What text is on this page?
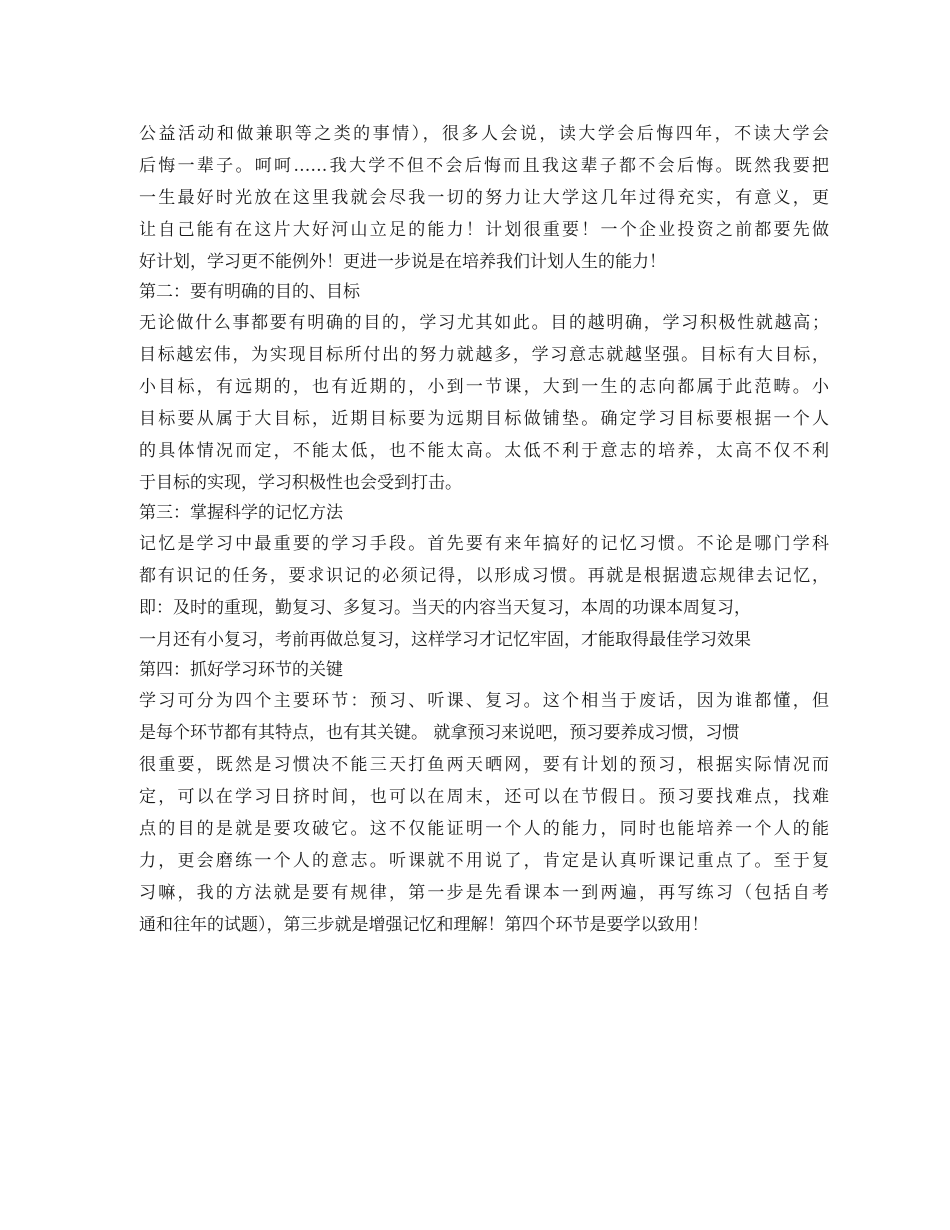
公益活动和做兼职等之类的事情），很多人会说，读大学会后悔四年，不读大学会
后悔一辈子。呵呵……我大学不但不会后悔而且我这辈子都不会后悔。既然我要把
一生最好时光放在这里我就会尽我一切的努力让大学这几年过得充实，有意义，更
让自己能有在这片大好河山立足的能力！计划很重要！一个企业投资之前都要先做
好计划，学习更不能例外！更进一步说是在培养我们计划人生的能力！
第二：要有明确的目的、目标
无论做什么事都要有明确的目的，学习尤其如此。目的越明确，学习积极性就越高；
目标越宏伟，为实现目标所付出的努力就越多，学习意志就越坚强。目标有大目标，
小目标，有远期的，也有近期的，小到一节课，大到一生的志向都属于此范畴。小
目标要从属于大目标，近期目标要为远期目标做铺垫。确定学习目标要根据一个人
的具体情况而定，不能太低，也不能太高。太低不利于意志的培养，太高不仅不利
于目标的实现，学习积极性也会受到打击。
第三：掌握科学的记忆方法
记忆是学习中最重要的学习手段。首先要有来年搞好的记忆习惯。不论是哪门学科
都有识记的任务，要求识记的必须记得，以形成习惯。再就是根据遗忘规律去记忆，
即：及时的重现，勤复习、多复习。当天的内容当天复习，本周的功课本周复习，
一月还有小复习，考前再做总复习，这样学习才记忆牢固，才能取得最佳学习效果
第四：抓好学习环节的关键
学习可分为四个主要环节：预习、听课、复习。这个相当于废话，因为谁都懂，但
是每个环节都有其特点，也有其关键。 就拿预习来说吧，预习要养成习惯，习惯
很重要，既然是习惯决不能三天打鱼两天晒网，要有计划的预习，根据实际情况而
定，可以在学习日挤时间，也可以在周末，还可以在节假日。预习要找难点，找难
点的目的是就是要攻破它。这不仅能证明一个人的能力，同时也能培养一个人的能
力，更会磨练一个人的意志。听课就不用说了，肯定是认真听课记重点了。至于复
习嘛，我的方法就是要有规律，第一步是先看课本一到两遍，再写练习（包括自考
通和往年的试题），第三步就是增强记忆和理解！第四个环节是要学以致用！
